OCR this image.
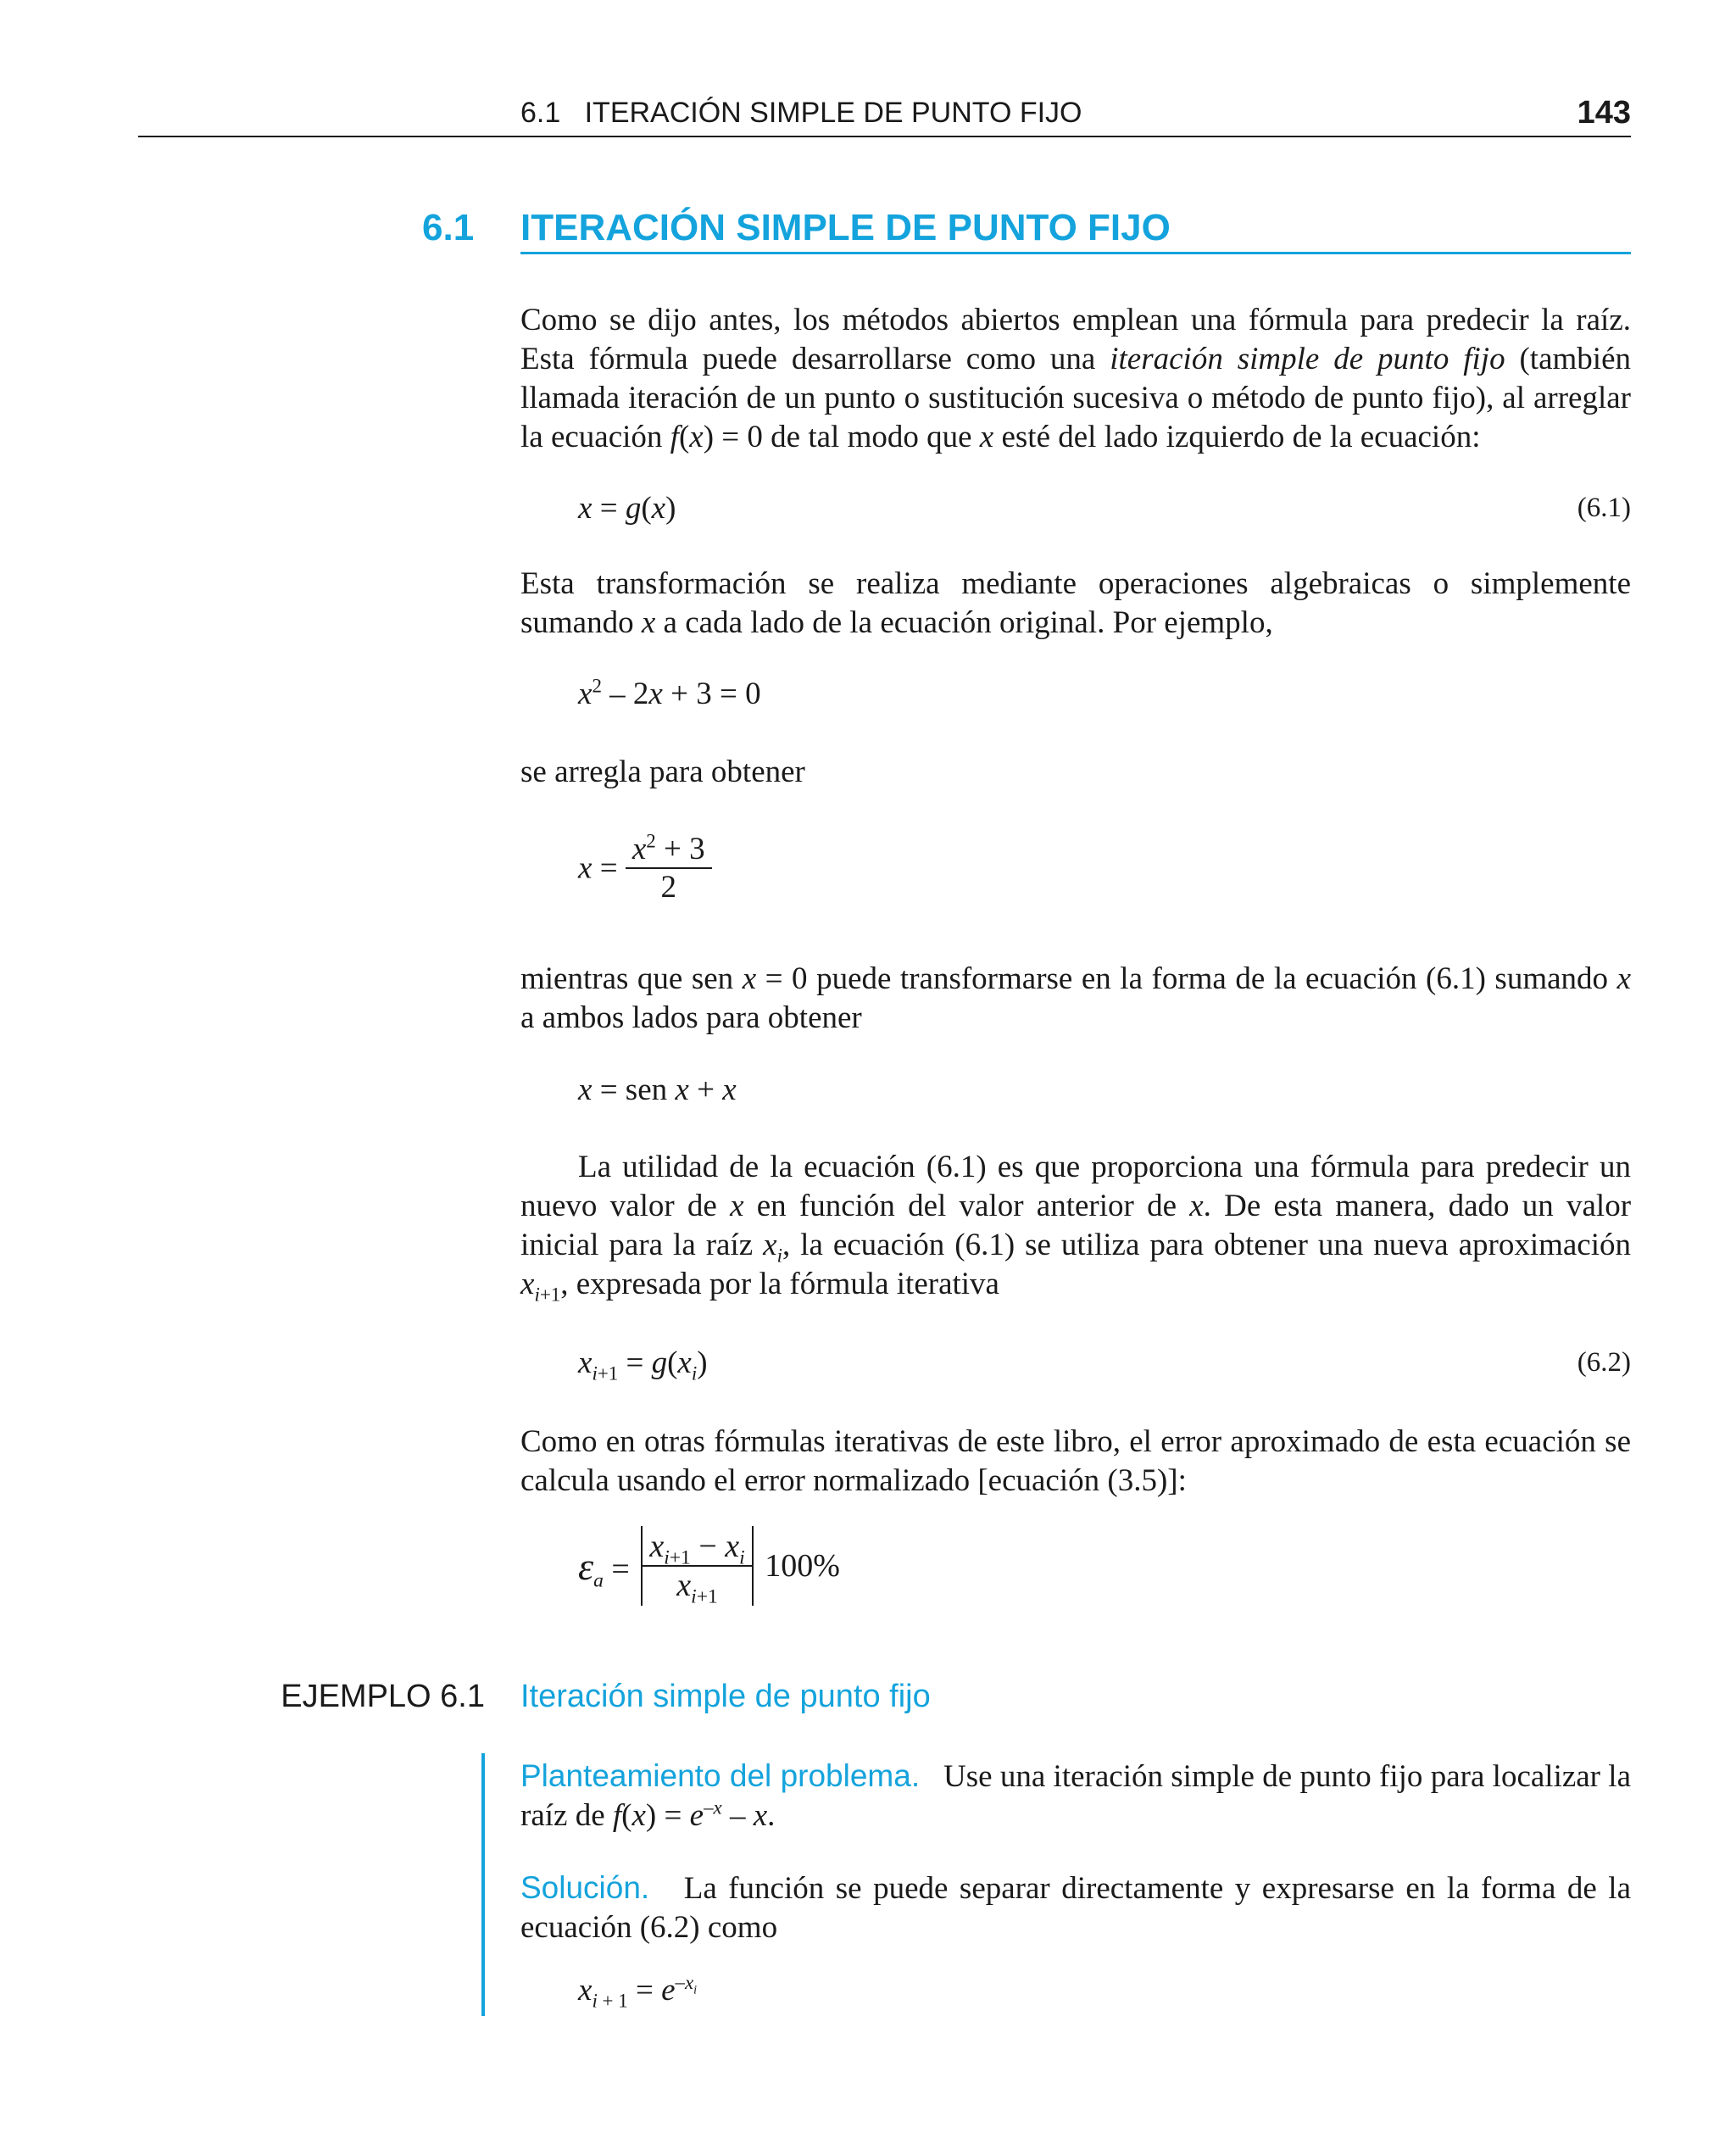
6.1   ITERACIÓN SIMPLE DE PUNTO FIJO	143
6.1 ITERACIÓN SIMPLE DE PUNTO FIJO

Como se dijo antes, los métodos abiertos emplean una fórmula para predecir la raíz. Esta fórmula puede desarrollarse como una iteración simple de punto fijo (también llamada iteración de un punto o sustitución sucesiva o método de punto fijo), al arreglar la ecuación f(x) = 0 de tal modo que x esté del lado izquierdo de la ecuación:

x = g(x)	(6.1)

Esta transformación se realiza mediante operaciones algebraicas o simplemente sumando x a cada lado de la ecuación original. Por ejemplo,

$x^2 - 2x + 3 = 0$

se arregla para obtener

$x = \frac{x^2 + 3}{2}$

mientras que sen x = 0 puede transformarse en la forma de la ecuación (6.1) sumando x a ambos lados para obtener

x = sen x + x

La utilidad de la ecuación (6.1) es que proporciona una fórmula para predecir un nuevo valor de x en función del valor anterior de x. De esta manera, dado un valor inicial para la raíz $x_i$, la ecuación (6.1) se utiliza para obtener una nueva aproximación $x_{i+1}$, expresada por la fórmula iterativa

$x_{i+1} = g(x_i)$	(6.2)

Como en otras fórmulas iterativas de este libro, el error aproximado de esta ecuación se calcula usando el error normalizado [ecuación (3.5)]:

$\varepsilon_a = \frac{x_{i+1} - x_i}{x_{i+1}} 100\%$
EJEMPLO 6.1 Iteración simple de punto fijo

Planteamiento del problema. Use una iteración simple de punto fijo para localizar la raíz de $f(x) = e^{-x} - x$.

Solución. La función se puede separar directamente y expresarse en la forma de la ecuación (6.2) como

$x_{i + 1} = e^{-x_i}$
